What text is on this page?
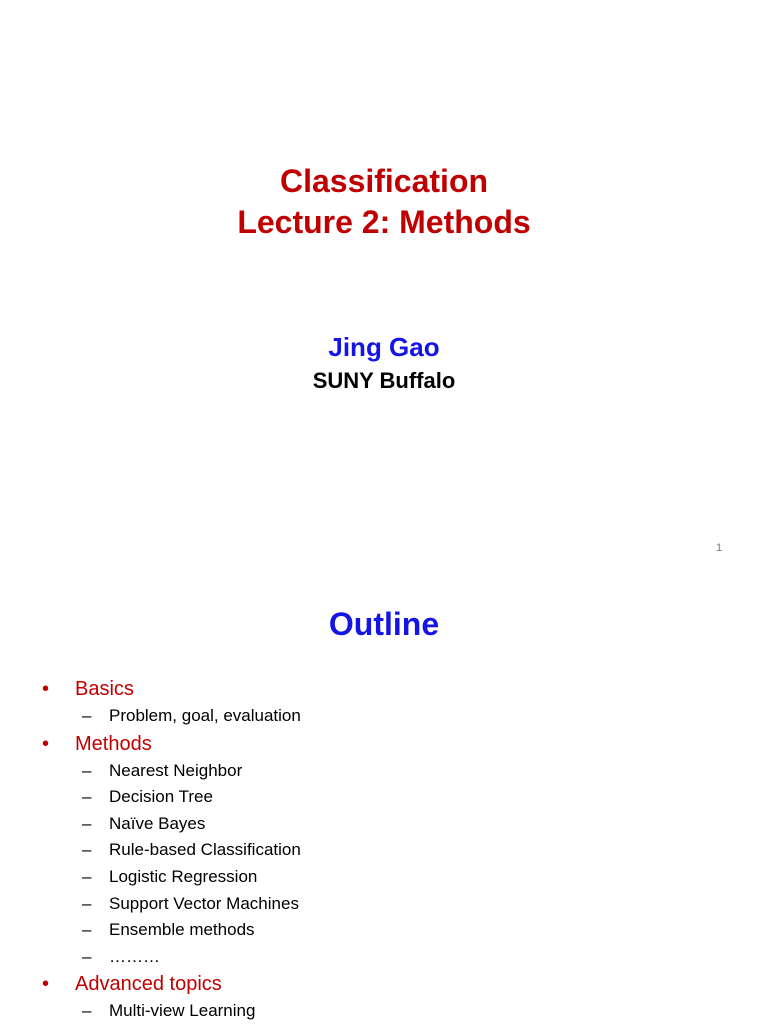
Classification
Lecture 2: Methods
Jing Gao
SUNY Buffalo
1
Outline
• Basics
– Problem, goal, evaluation
• Methods
– Nearest Neighbor
– Decision Tree
– Naïve Bayes
– Rule-based Classification
– Logistic Regression
– Support Vector Machines
– Ensemble methods
– ………
• Advanced topics
– Multi-view Learning
